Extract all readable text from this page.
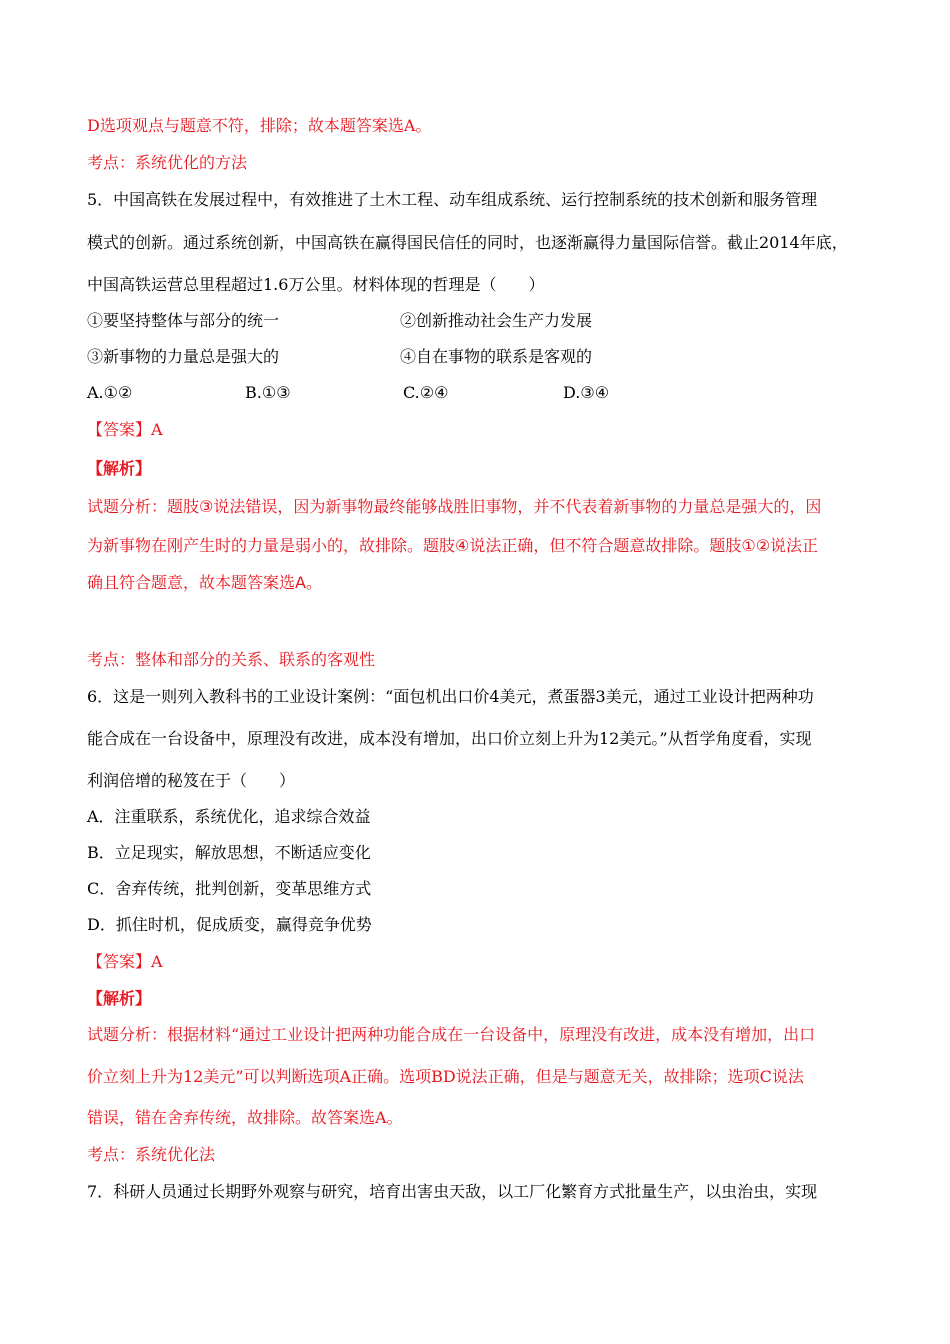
D选项观点与题意不符，排除；故本题答案选A。
考点：系统优化的方法
5．中国高铁在发展过程中，有效推进了土木工程、动车组成系统、运行控制系统的技术创新和服务管理
模式的创新。通过系统创新，中国高铁在赢得国民信任的同时，也逐渐赢得力量国际信誉。截止2014年底，
中国高铁运营总里程超过1.6万公里。材料体现的哲理是（　　）
①要坚持整体与部分的统一	②创新推动社会生产力发展
③新事物的力量总是强大的	④自在事物的联系是客观的
A.①②	B.①③	C.②④	D.③④
【答案】A
【解析】
试题分析：题肢③说法错误，因为新事物最终能够战胜旧事物，并不代表着新事物的力量总是强大的，因
为新事物在刚产生时的力量是弱小的，故排除。题肢④说法正确，但不符合题意故排除。题肢①②说法正
确且符合题意，故本题答案选A。
考点：整体和部分的关系、联系的客观性
6．这是一则列入教科书的工业设计案例：“面包机出口价4美元，煮蛋器3美元，通过工业设计把两种功
能合成在一台设备中，原理没有改进，成本没有增加，出口价立刻上升为12美元。”从哲学角度看，实现
利润倍增的秘笈在于（　　）
A．注重联系，系统优化，追求综合效益
B．立足现实，解放思想，不断适应变化
C．舍弃传统，批判创新，变革思维方式
D．抓住时机，促成质变，赢得竞争优势
【答案】A
【解析】
试题分析：根据材料“通过工业设计把两种功能合成在一台设备中，原理没有改进，成本没有增加，出口
价立刻上升为12美元”可以判断选项A正确。选项BD说法正确，但是与题意无关，故排除；选项C说法
错误，错在舍弃传统，故排除。故答案选A。
考点：系统优化法
7．科研人员通过长期野外观察与研究，培育出害虫天敌，以工厂化繁育方式批量生产，以虫治虫，实现
